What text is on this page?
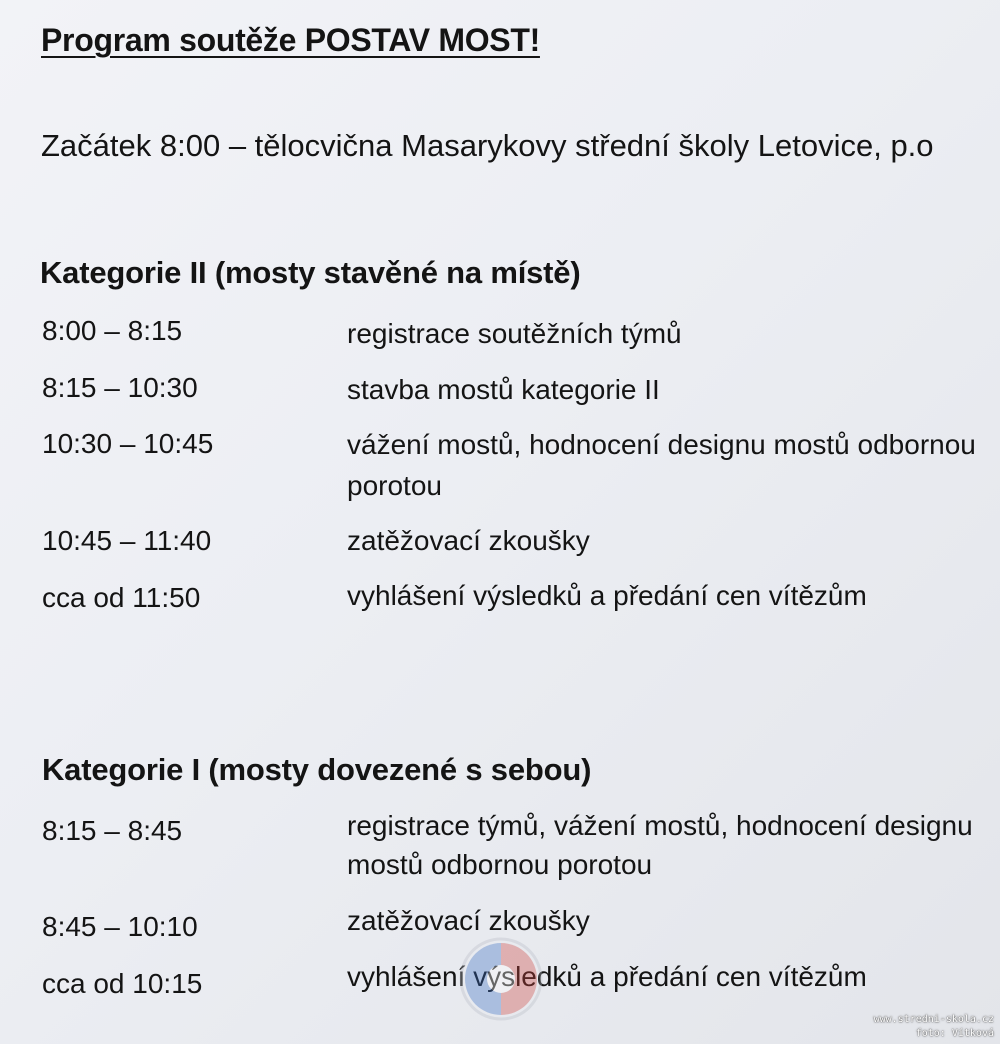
Program soutěže POSTAV MOST!
Začátek 8:00 – tělocvična Masarykovy střední školy Letovice, p.o
Kategorie II (mosty stavěné na místě)
8:00 – 8:15	registrace soutěžních týmů
8:15 – 10:30	stavba mostů kategorie II
10:30 – 10:45	vážení mostů, hodnocení designu mostů odbornou
porotou
10:45 – 11:40	zatěžovací zkoušky
cca od 11:50	vyhlášení výsledků a předání cen vítězům
Kategorie I (mosty dovezené s sebou)
8:15 – 8:45	registrace týmů, vážení mostů, hodnocení designu
mostů odbornou porotou
8:45 – 10:10	zatěžovací zkoušky
cca od 10:15	vyhlášení výsledků a předání cen vítězům
www.stredni-skola.cz
foto: Vítková
